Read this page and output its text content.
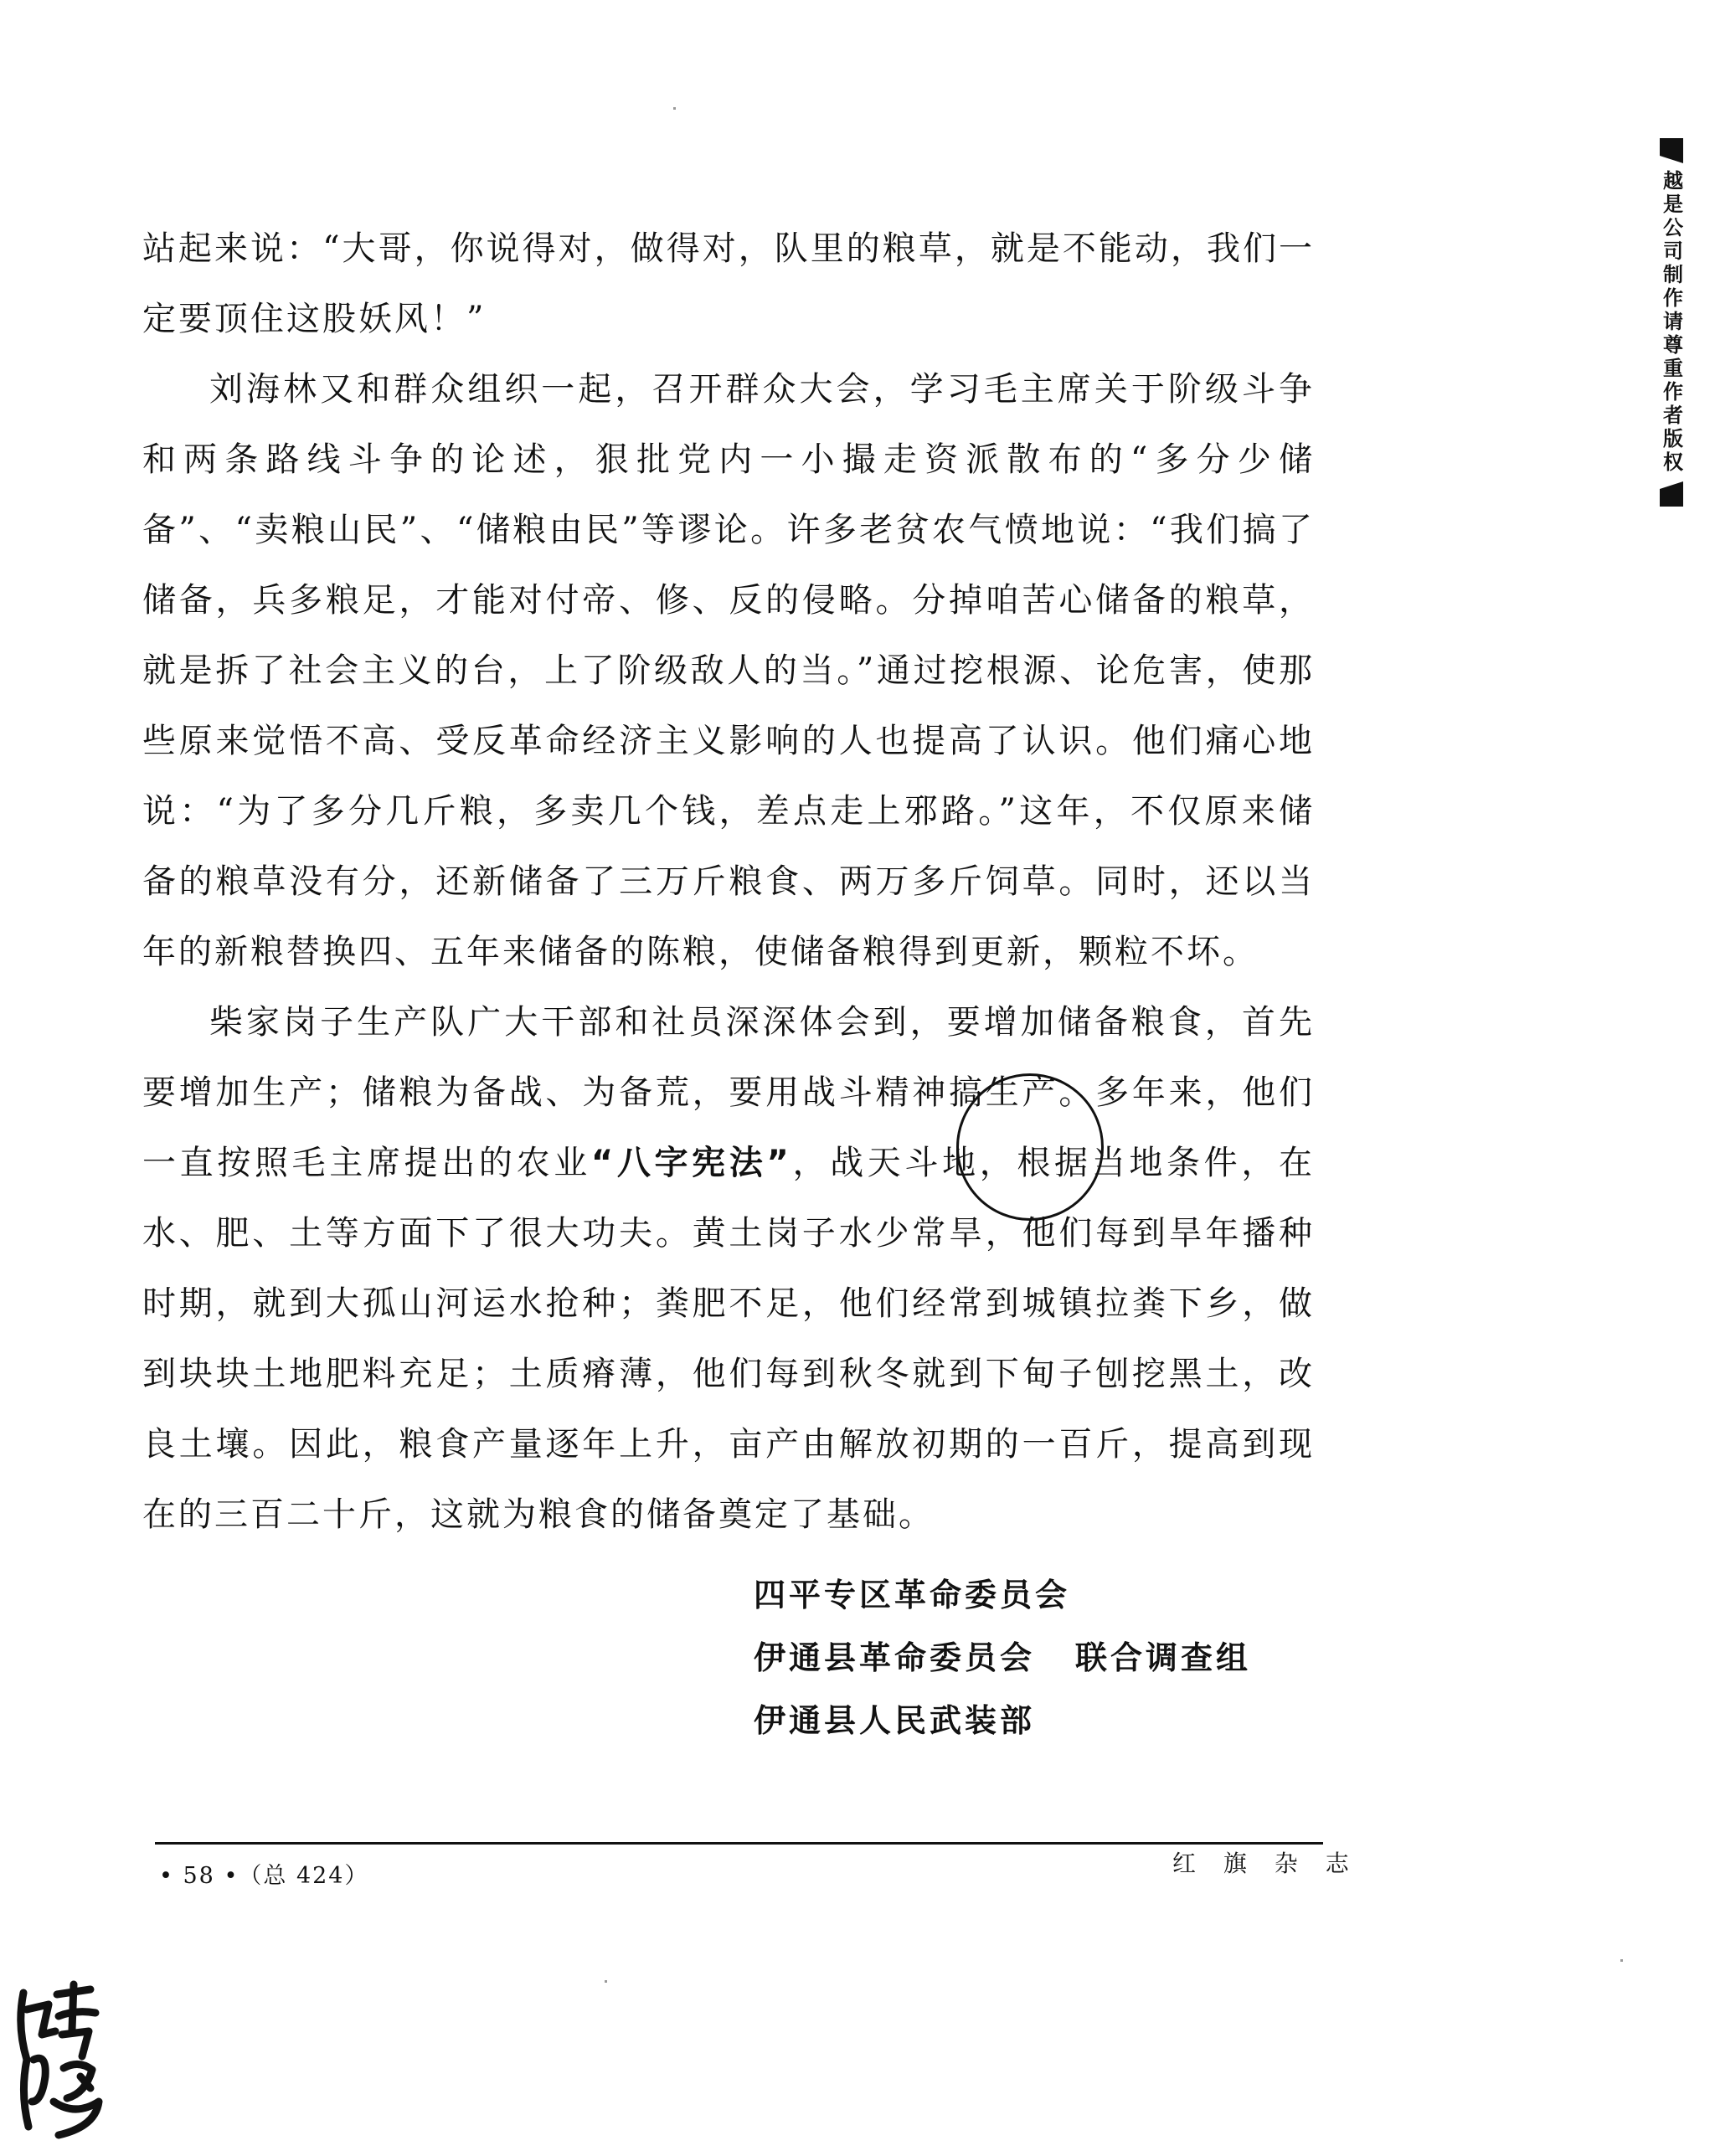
站起来说：“大哥，你说得对，做得对，队里的粮草，就是不能动，我们一定要顶住这股妖风！”

刘海林又和群众组织一起，召开群众大会，学习毛主席关于阶级斗争和两条路线斗争的论述，狠批党内一小撮走资派散布的“多分少储备”、“卖粮山民”、“储粮由民”等谬论。许多老贫农气愤地说：“我们搞了储备，兵多粮足，才能对付帝、修、反的侵略。分掉咱苦心储备的粮草，就是拆了社会主义的台，上了阶级敌人的当。”通过挖根源、论危害，使那些原来觉悟不高、受反革命经济主义影响的人也提高了认识。他们痛心地说：“为了多分几斤粮，多卖几个钱，差点走上邪路。”这年，不仅原来储备的粮草没有分，还新储备了三万斤粮食、两万多斤饲草。同时，还以当年的新粮替换四、五年来储备的陈粮，使储备粮得到更新，颗粒不坏。

柴家岗子生产队广大干部和社员深深体会到，要增加储备粮食，首先要增加生产；储粮为备战、为备荒，要用战斗精神搞生产。多年来，他们一直按照毛主席提出的农业“八字宪法”，战天斗地，根据当地条件，在水、肥、土等方面下了很大功夫。黄土岗子水少常旱，他们每到旱年播种时期，就到大孤山河运水抢种；粪肥不足，他们经常到城镇拉粪下乡，做到块块土地肥料充足；土质瘠薄，他们每到秋冬就到下甸子刨挖黑土，改良土壤。因此，粮食产量逐年上升，亩产由解放初期的一百斤，提高到现在的三百二十斤，这就为粮食的储备奠定了基础。

四平专区革命委员会
伊通县革命委员会 联合调查组
伊通县人民武装部
• 58 •（总 424）	红 旗 杂 志
越是公司制作请尊重作者版权
